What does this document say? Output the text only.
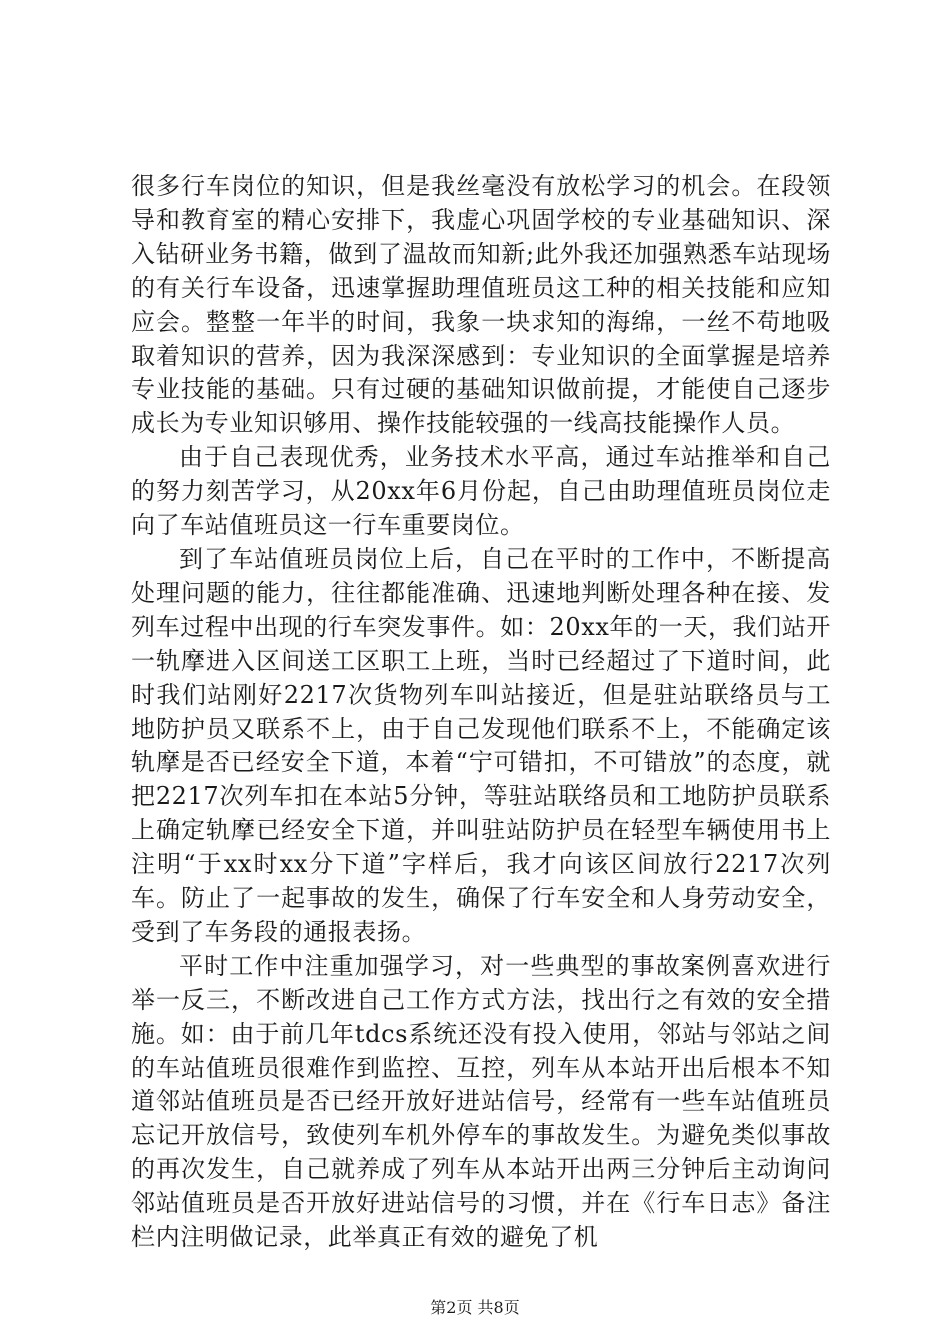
很多行车岗位的知识，但是我丝毫没有放松学习的机会。在段领导和教育室的精心安排下，我虚心巩固学校的专业基础知识、深入钻研业务书籍，做到了温故而知新;此外我还加强熟悉车站现场的有关行车设备，迅速掌握助理值班员这工种的相关技能和应知应会。整整一年半的时间，我象一块求知的海绵，一丝不苟地吸取着知识的营养，因为我深深感到：专业知识的全面掌握是培养专业技能的基础。只有过硬的基础知识做前提，才能使自己逐步成长为专业知识够用、操作技能较强的一线高技能操作人员。

由于自己表现优秀，业务技术水平高，通过车站推举和自己的努力刻苦学习，从20xx年6月份起，自己由助理值班员岗位走向了车站值班员这一行车重要岗位。

到了车站值班员岗位上后，自己在平时的工作中，不断提高处理问题的能力，往往都能准确、迅速地判断处理各种在接、发列车过程中出现的行车突发事件。如：20xx年的一天，我们站开一轨摩进入区间送工区职工上班，当时已经超过了下道时间，此时我们站刚好2217次货物列车叫站接近，但是驻站联络员与工地防护员又联系不上，由于自己发现他们联系不上，不能确定该轨摩是否已经安全下道，本着“宁可错扣，不可错放”的态度，就把2217次列车扣在本站5分钟，等驻站联络员和工地防护员联系上确定轨摩已经安全下道，并叫驻站防护员在轻型车辆使用书上注明“于xx时xx分下道”字样后，我才向该区间放行2217次列车。防止了一起事故的发生，确保了行车安全和人身劳动安全，受到了车务段的通报表扬。

平时工作中注重加强学习，对一些典型的事故案例喜欢进行举一反三，不断改进自己工作方式方法，找出行之有效的安全措施。如：由于前几年tdcs系统还没有投入使用，邻站与邻站之间的车站值班员很难作到监控、互控，列车从本站开出后根本不知道邻站值班员是否已经开放好进站信号，经常有一些车站值班员忘记开放信号，致使列车机外停车的事故发生。为避免类似事故的再次发生，自己就养成了列车从本站开出两三分钟后主动询问邻站值班员是否开放好进站信号的习惯，并在《行车日志》备注栏内注明做记录，此举真正有效的避免了机

第2页 共8页
